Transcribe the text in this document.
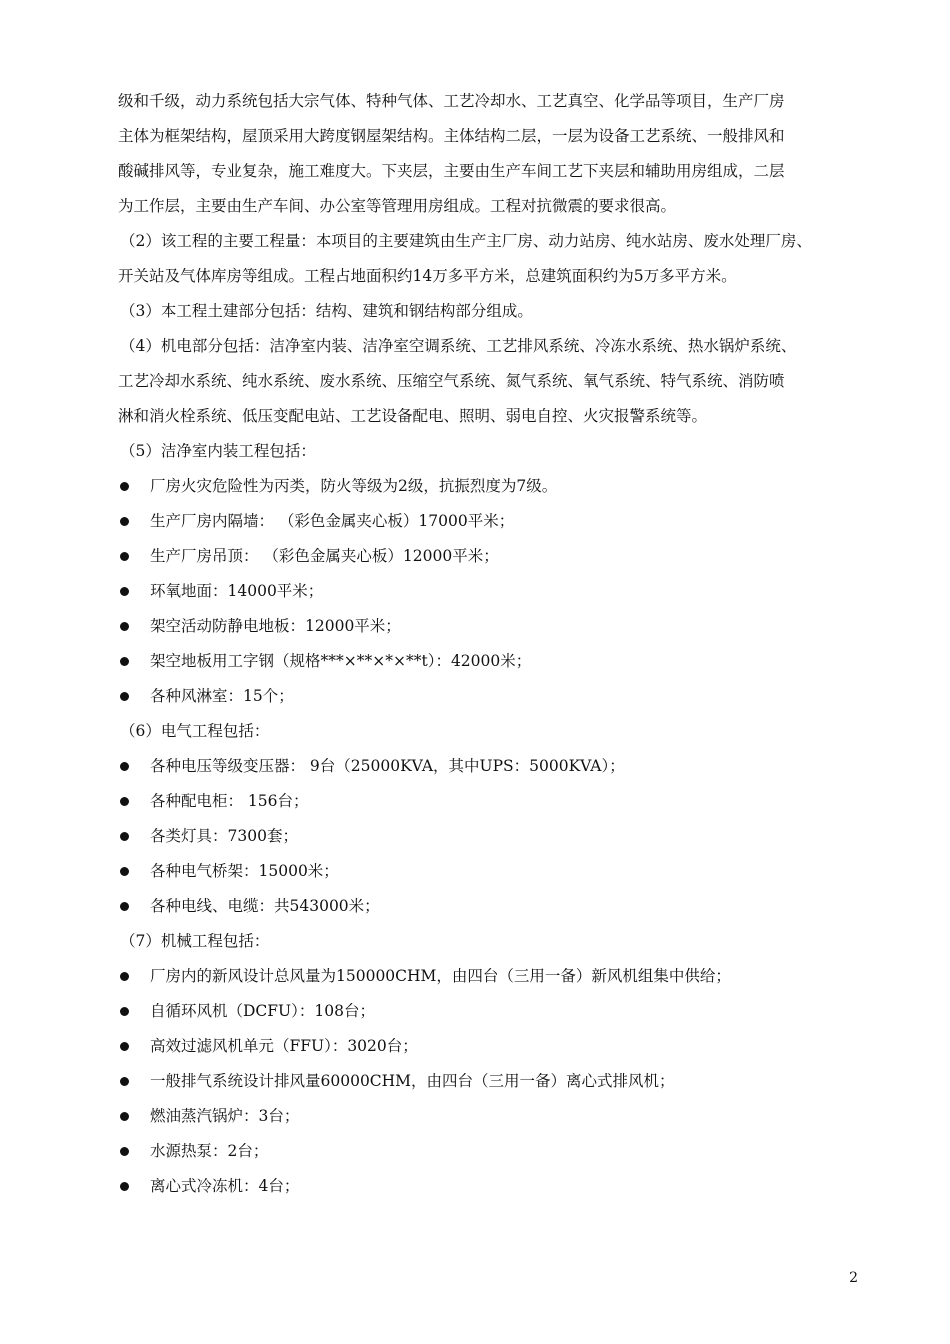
级和千级，动力系统包括大宗气体、特种气体、工艺冷却水、工艺真空、化学品等项目，生产厂房
主体为框架结构，屋顶采用大跨度钢屋架结构。主体结构二层，一层为设备工艺系统、一般排风和
酸碱排风等，专业复杂，施工难度大。下夹层，主要由生产车间工艺下夹层和辅助用房组成，二层
为工作层，主要由生产车间、办公室等管理用房组成。工程对抗微震的要求很高。
（2）该工程的主要工程量：本项目的主要建筑由生产主厂房、动力站房、纯水站房、废水处理厂房、
开关站及气体库房等组成。工程占地面积约14万多平方米，总建筑面积约为5万多平方米。
（3）本工程土建部分包括：结构、建筑和钢结构部分组成。
（4）机电部分包括：洁净室内装、洁净室空调系统、工艺排风系统、冷冻水系统、热水锅炉系统、
工艺冷却水系统、纯水系统、废水系统、压缩空气系统、氮气系统、氧气系统、特气系统、消防喷
淋和消火栓系统、低压变配电站、工艺设备配电、照明、弱电自控、火灾报警系统等。
（5）洁净室内装工程包括：
厂房火灾危险性为丙类，防火等级为2级，抗振烈度为7级。
生产厂房内隔墙： （彩色金属夹心板）17000平米；
生产厂房吊顶： （彩色金属夹心板）12000平米；
环氧地面：14000平米；
架空活动防静电地板：12000平米；
架空地板用工字钢（规格***×**×*×**t）：42000米；
各种风淋室：15个；
（6）电气工程包括：
各种电压等级变压器： 9台（25000KVA，其中UPS：5000KVA）；
各种配电柜： 156台；
各类灯具：7300套；
各种电气桥架：15000米；
各种电线、电缆：共543000米；
（7）机械工程包括：
厂房内的新风设计总风量为150000CHM，由四台（三用一备）新风机组集中供给；
自循环风机（DCFU）：108台；
高效过滤风机单元（FFU）：3020台；
一般排气系统设计排风量60000CHM，由四台（三用一备）离心式排风机；
燃油蒸汽锅炉：3台；
水源热泵：2台；
离心式冷冻机：4台；
2
